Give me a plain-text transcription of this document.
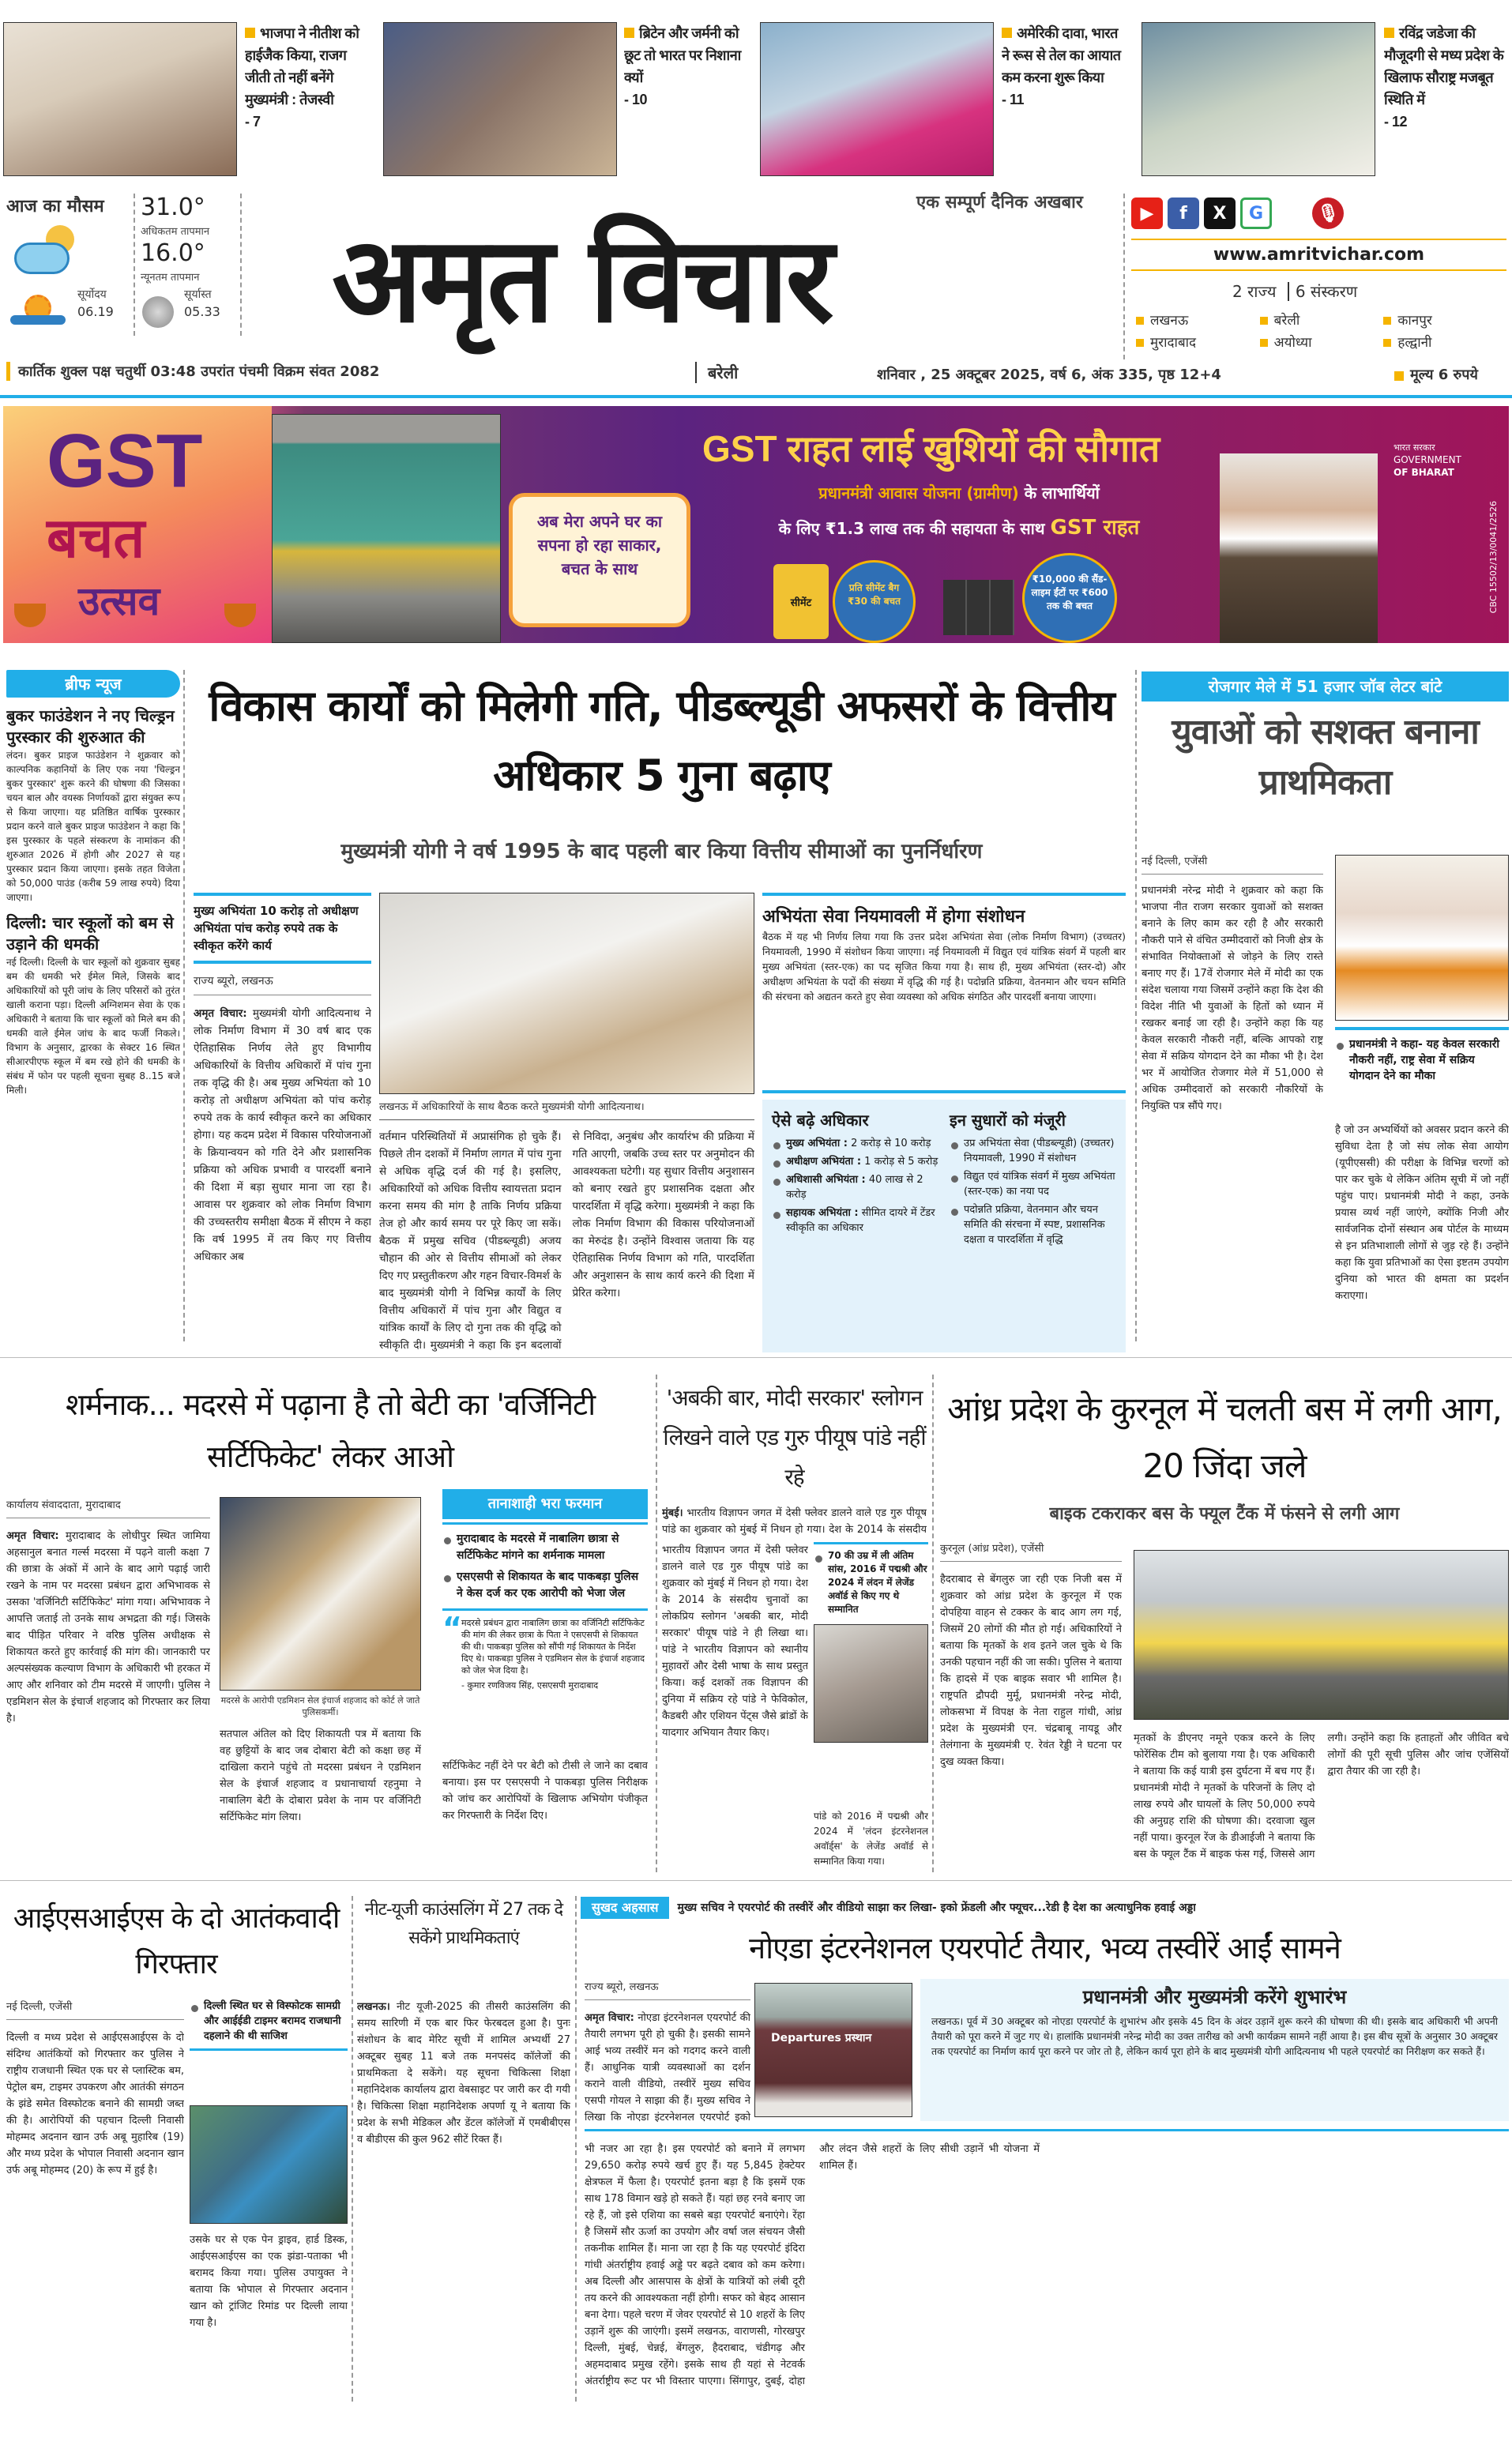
भाजपा ने नीतीश को हाईजैक किया, राजग जीती तो नहीं बनेंगे मुख्यमंत्री : तेजस्वी
- 7
ब्रिटेन और जर्मनी को छूट तो भारत पर निशाना क्यों
- 10
अमेरिकी दावा, भारत ने रूस से तेल का आयात कम करना शुरू किया
- 11
रविंद्र जडेजा की मौजूदगी से मध्य प्रदेश के खिलाफ सौराष्ट्र मजबूत स्थिति में
- 12
आज का मौसम 31.0°
अधिकतम तापमान
16.0°
न्यूनतम तापमान
सूर्योदय
06.19
सूर्यास्त
05.33 अमृत विचार
एक सम्पूर्ण दैनिक अखबार
बरेली
▶ f X G	🎙
www.amritvichar.com
2 राज्य 6 संस्करण
लखनऊ	बरेली	कानपुर
मुरादाबाद	अयोध्या	हल्द्वानी
कार्तिक शुक्ल पक्ष चतुर्थी 03:48 उपरांत पंचमी विक्रम संवत 2082	शनिवार , 25 अक्टूबर 2025, वर्ष 6, अंक 335, पृष्ठ 12+4	मूल्य 6 रुपये
GST
बचत
उत्सव
अब मेरा अपने घर का सपना हो रहा साकार, बचत के साथ
GST राहत लाई खुशियों की सौगात
प्रधानमंत्री आवास योजना (ग्रामीण) के लाभार्थियों
के लिए ₹1.3 लाख तक की सहायता के साथ GST राहत
सीमेंट
प्रति सीमेंट बैग ₹30 की बचत
₹10,000 की सैंड-लाइम ईंटों पर ₹600 तक की बचत
भारत सरकार
GOVERNMENT
OF BHARAT
CBC 15502/13/0041/2526
ब्रीफ न्यूज
बुकर फाउंडेशन ने नए चिल्ड्रन पुरस्कार की शुरुआत की
लंदन। बुकर प्राइज फाउंडेशन ने शुक्रवार को काल्पनिक कहानियों के लिए एक नया 'चिल्ड्रन बुकर पुरस्कार' शुरू करने की घोषणा की जिसका चयन बाल और वयस्क निर्णायकों द्वारा संयुक्त रूप से किया जाएगा। यह प्रतिष्ठित वार्षिक पुरस्कार प्रदान करने वाले बुकर प्राइज फाउंडेशन ने कहा कि इस पुरस्कार के पहले संस्करण के नामांकन की शुरुआत 2026 में होगी और 2027 से यह पुरस्कार प्रदान किया जाएगा। इसके तहत विजेता को 50,000 पाउंड (करीब 59 लाख रुपये) दिया जाएगा।
दिल्ली: चार स्कूलों को बम से उड़ाने की धमकी
नई दिल्ली। दिल्ली के चार स्कूलों को शुक्रवार सुबह बम की धमकी भरे ईमेल मिले, जिसके बाद अधिकारियों को पूरी जांच के लिए परिसरों को तुरंत खाली कराना पड़ा। दिल्ली अग्निशमन सेवा के एक अधिकारी ने बताया कि चार स्कूलों को मिले बम की धमकी वाले ईमेल जांच के बाद फर्जी निकले। विभाग के अनुसार, द्वारका के सेक्टर 16 स्थित सीआरपीएफ स्कूल में बम रखे होने की धमकी के संबंध में फोन पर पहली सूचना सुबह 8..15 बजे मिली।
विकास कार्यों को मिलेगी गति, पीडब्ल्यूडी अफसरों के वित्तीय अधिकार 5 गुना बढ़ाए
मुख्यमंत्री योगी ने वर्ष 1995 के बाद पहली बार किया वित्तीय सीमाओं का पुनर्निर्धारण
मुख्य अभियंता 10 करोड़ तो अधीक्षण अभियंता पांच करोड़ रुपये तक के स्वीकृत करेंगे कार्य
राज्य ब्यूरो, लखनऊ
अमृत विचार: मुख्यमंत्री योगी आदित्यनाथ ने लोक निर्माण विभाग में 30 वर्ष बाद एक ऐतिहासिक निर्णय लेते हुए विभागीय अधिकारियों के वित्तीय अधिकारों में पांच गुना तक वृद्धि की है। अब मुख्य अभियंता को 10 करोड़ तो अधीक्षण अभियंता को पांच करोड़ रुपये तक के कार्य स्वीकृत करने का अधिकार होगा। यह कदम प्रदेश में विकास परियोजनाओं के क्रियान्वयन को गति देने और प्रशासनिक प्रक्रिया को अधिक प्रभावी व पारदर्शी बनाने की दिशा में बड़ा सुधार माना जा रहा है। आवास पर शुक्रवार को लोक निर्माण विभाग की उच्चस्तरीय समीक्षा बैठक में सीएम ने कहा कि वर्ष 1995 में तय किए गए वित्तीय अधिकार अब
लखनऊ में अधिकारियों के साथ बैठक करते मुख्यमंत्री योगी आदित्यनाथ।
वर्तमान परिस्थितियों में अप्रासंगिक हो चुके हैं। पिछले तीन दशकों में निर्माण लागत में पांच गुना से अधिक वृद्धि दर्ज की गई है। इसलिए, अधिकारियों को अधिक वित्तीय स्वायत्तता प्रदान करना समय की मांग है ताकि निर्णय प्रक्रिया तेज हो और कार्य समय पर पूरे किए जा सकें। बैठक में प्रमुख सचिव (पीडब्ल्यूडी) अजय चौहान की ओर से वित्तीय सीमाओं को लेकर दिए गए प्रस्तुतीकरण और गहन विचार-विमर्श के बाद मुख्यमंत्री योगी ने विभिन्न कार्यों के लिए वित्तीय अधिकारों में पांच गुना और विद्युत व यांत्रिक कार्यों के लिए दो गुना तक की वृद्धि को स्वीकृति दी। मुख्यमंत्री ने कहा कि इन बदलावों से निविदा, अनुबंध और कार्यारंभ की प्रक्रिया में गति आएगी, जबकि उच्च स्तर पर अनुमोदन की आवश्यकता घटेगी। यह सुधार वित्तीय अनुशासन को बनाए रखते हुए प्रशासनिक दक्षता और पारदर्शिता में वृद्धि करेगा। मुख्यमंत्री ने कहा कि लोक निर्माण विभाग की विकास परियोजनाओं का मेरुदंड है। उन्होंने विश्वास जताया कि यह ऐतिहासिक निर्णय विभाग को गति, पारदर्शिता और अनुशासन के साथ कार्य करने की दिशा में प्रेरित करेगा।
अभियंता सेवा नियमावली में होगा संशोधन
बैठक में यह भी निर्णय लिया गया कि उत्तर प्रदेश अभियंता सेवा (लोक निर्माण विभाग) (उच्चतर) नियमावली, 1990 में संशोधन किया जाएगा। नई नियमावली में विद्युत एवं यांत्रिक संवर्ग में पहली बार मुख्य अभियंता (स्तर-एक) का पद सृजित किया गया है। साथ ही, मुख्य अभियंता (स्तर-दो) और अधीक्षण अभियंता के पदों की संख्या में वृद्धि की गई है। पदोन्नति प्रक्रिया, वेतनमान और चयन समिति की संरचना को अद्यतन करते हुए सेवा व्यवस्था को अधिक संगठित और पारदर्शी बनाया जाएगा।
ऐसे बढ़े अधिकार
मुख्य अभियंता : 2 करोड़ से 10 करोड़
अधीक्षण अभियंता : 1 करोड़ से 5 करोड़
अधिशासी अभियंता : 40 लाख से 2 करोड़
सहायक अभियंता : सीमित दायरे में टेंडर स्वीकृति का अधिकार
इन सुधारों को मंजूरी
उप्र अभियंता सेवा (पीडब्ल्यूडी) (उच्चतर) नियमावली, 1990 में संशोधन
विद्युत एवं यांत्रिक संवर्ग में मुख्य अभियंता (स्तर-एक) का नया पद
पदोन्नति प्रक्रिया, वेतनमान और चयन समिति की संरचना में स्पष्ट, प्रशासनिक दक्षता व पारदर्शिता में वृद्धि
रोजगार मेले में 51 हजार जॉब लेटर बांटे
युवाओं को सशक्त बनाना प्राथमिकता
नई दिल्ली, एजेंसी
प्रधानमंत्री नरेन्द्र मोदी ने शुक्रवार को कहा कि भाजपा नीत राजग सरकार युवाओं को सशक्त बनाने के लिए काम कर रही है और सरकारी नौकरी पाने से वंचित उम्मीदवारों को निजी क्षेत्र के संभावित नियोक्ताओं से जोड़ने के लिए रास्ते बनाए गए हैं। 17वें रोजगार मेले में मोदी का एक संदेश चलाया गया जिसमें उन्होंने कहा कि देश की विदेश नीति भी युवाओं के हितों को ध्यान में रखकर बनाई जा रही है। उन्होंने कहा कि यह केवल सरकारी नौकरी नहीं, बल्कि आपको राष्ट्र सेवा में सक्रिय योगदान देने का मौका भी है। देश भर में आयोजित रोजगार मेले में 51,000 से अधिक उम्मीदवारों को सरकारी नौकरियों के नियुक्ति पत्र सौंपे गए।
प्रधानमंत्री ने कहा- यह केवल सरकारी नौकरी नहीं, राष्ट्र सेवा में सक्रिय योगदान देने का मौका
है जो उन अभ्यर्थियों को अवसर प्रदान करने की सुविधा देता है जो संघ लोक सेवा आयोग (यूपीएससी) की परीक्षा के विभिन्न चरणों को पार कर चुके थे लेकिन अंतिम सूची में जो नहीं पहुंच पाए। प्रधानमंत्री मोदी ने कहा, उनके प्रयास व्यर्थ नहीं जाएंगे, क्योंकि निजी और सार्वजनिक दोनों संस्थान अब पोर्टल के माध्यम से इन प्रतिभाशाली लोगों से जुड़ रहे हैं। उन्होंने कहा कि युवा प्रतिभाओं का ऐसा इष्टतम उपयोग दुनिया को भारत की क्षमता का प्रदर्शन कराएगा।
शर्मनाक... मदरसे में पढ़ाना है तो बेटी का 'वर्जिनिटी सर्टिफिकेट' लेकर आओ
कार्यालय संवाददाता, मुरादाबाद
अमृत विचार: मुरादाबाद के लोधीपुर स्थित जामिया अहसानुल बनात गर्ल्स मदरसा में पढ़ने वाली कक्षा 7 की छात्रा के अंकों में आने के बाद आगे पढ़ाई जारी रखने के नाम पर मदरसा प्रबंधन द्वारा अभिभावक से उसका 'वर्जिनिटी सर्टिफिकेट' मांगा गया। अभिभावक ने आपत्ति जताई तो उनके साथ अभद्रता की गई। जिसके बाद पीड़ित परिवार ने वरिष्ठ पुलिस अधीक्षक से शिकायत करते हुए कार्रवाई की मांग की। जानकारी पर अल्पसंख्यक कल्याण विभाग के अधिकारी भी हरकत में आए और शनिवार को टीम मदरसे में जाएगी। पुलिस ने एडमिशन सेल के इंचार्ज शहजाद को गिरफ्तार कर लिया है।
मदरसे के आरोपी एडमिशन सेल इंचार्ज शहजाद को कोर्ट ले जाते पुलिसकर्मी।
सतपाल अंतिल को दिए शिकायती पत्र में बताया कि वह छुट्टियों के बाद जब दोबारा बेटी को कक्षा छह में दाखिला कराने पहुंचे तो मदरसा प्रबंधन ने एडमिशन सेल के इंचार्ज शहजाद व प्रधानाचार्या रहनुमा ने नाबालिग बेटी के दोबारा प्रवेश के नाम पर वर्जिनिटी सर्टिफिकेट मांग लिया।
तानाशाही भरा फरमान
मुरादाबाद के मदरसे में नाबालिग छात्रा से सर्टिफिकेट मांगने का शर्मनाक मामला
एसएसपी से शिकायत के बाद पाकबड़ा पुलिस ने केस दर्ज कर एक आरोपी को भेजा जेल
“ मदरसे प्रबंधन द्वारा नाबालिग छात्रा का वर्जिनिटी सर्टिफिकेट की मांग की लेकर छात्रा के पिता ने एसएसपी से शिकायत की थी। पाकबड़ा पुलिस को सौंपी गई शिकायत के निर्देश दिए थे। पाकबड़ा पुलिस ने एडमिशन सेल के इंचार्ज शहजाद को जेल भेज दिया है।
- कुमार रणविजय सिंह, एसएसपी मुरादाबाद
सर्टिफिकेट नहीं देने पर बेटी को टीसी ले जाने का दबाव बनाया। इस पर एसएसपी ने पाकबड़ा पुलिस निरीक्षक को जांच कर आरोपियों के खिलाफ अभियोग पंजीकृत कर गिरफ्तारी के निर्देश दिए।
'अबकी बार, मोदी सरकार' स्लोगन लिखने वाले एड गुरु पीयूष पांडे नहीं रहे
मुंबई। भारतीय विज्ञापन जगत में देसी फ्लेवर डालने वाले एड गुरु पीयूष पांडे का शुक्रवार को मुंबई में निधन हो गया। देश के 2014 के संसदीय
70 की उम्र में ली अंतिम सांस, 2016 में पद्मश्री और 2024 में लंदन में लेजेंड अवॉर्ड से किए गए थे सम्मानित
भारतीय विज्ञापन जगत में देसी फ्लेवर डालने वाले एड गुरु पीयूष पांडे का शुक्रवार को मुंबई में निधन हो गया। देश के 2014 के संसदीय चुनावों का लोकप्रिय स्लोगन 'अबकी बार, मोदी सरकार' पीयूष पांडे ने ही लिखा था। पांडे ने भारतीय विज्ञापन को स्थानीय मुहावरों और देसी भाषा के साथ प्रस्तुत किया। कई दशकों तक विज्ञापन की दुनिया में सक्रिय रहे पांडे ने फेविकोल, कैडबरी और एशियन पेंट्स जैसे ब्रांडों के यादगार अभियान तैयार किए।
पांडे को 2016 में पद्मश्री और 2024 में 'लंदन इंटरनेशनल अवॉर्ड्स' के लेजेंड अवॉर्ड से सम्मानित किया गया।
आंध्र प्रदेश के कुरनूल में चलती बस में लगी आग, 20 जिंदा जले
बाइक टकराकर बस के फ्यूल टैंक में फंसने से लगी आग
कुरनूल (आंध्र प्रदेश), एजेंसी
हैदराबाद से बेंगलुरु जा रही एक निजी बस में शुक्रवार को आंध्र प्रदेश के कुरनूल में एक दोपहिया वाहन से टक्कर के बाद आग लग गई, जिसमें 20 लोगों की मौत हो गई। अधिकारियों ने बताया कि मृतकों के शव इतने जल चुके थे कि उनकी पहचान नहीं की जा सकी। पुलिस ने बताया कि हादसे में एक बाइक सवार भी शामिल है। राष्ट्रपति द्रौपदी मुर्मू, प्रधानमंत्री नरेन्द्र मोदी, लोकसभा में विपक्ष के नेता राहुल गांधी, आंध्र प्रदेश के मुख्यमंत्री एन. चंद्रबाबू नायडू और तेलंगाना के मुख्यमंत्री ए. रेवंत रेड्डी ने घटना पर दुख व्यक्त किया।
मृतकों के डीएनए नमूने एकत्र करने के लिए फोरेंसिक टीम को बुलाया गया है। एक अधिकारी ने बताया कि कई यात्री इस दुर्घटना में बच गए हैं। प्रधानमंत्री मोदी ने मृतकों के परिजनों के लिए दो लाख रुपये और घायलों के लिए 50,000 रुपये की अनुग्रह राशि की घोषणा की। दरवाजा खुल नहीं पाया। कुरनूल रेंज के डीआईजी ने बताया कि बस के फ्यूल टैंक में बाइक फंस गई, जिससे आग लगी। उन्होंने कहा कि हताहतों और जीवित बचे लोगों की पूरी सूची पुलिस और जांच एजेंसियों द्वारा तैयार की जा रही है।
आईएसआईएस के दो आतंकवादी गिरफ्तार
नई दिल्ली, एजेंसी
दिल्ली व मध्य प्रदेश से आईएसआईएस के दो संदिग्ध आतंकियों को गिरफ्तार कर पुलिस ने राष्ट्रीय राजधानी स्थित एक घर से प्लास्टिक बम, पेट्रोल बम, टाइमर उपकरण और आतंकी संगठन के झंडे समेत विस्फोटक बनाने की सामग्री जब्त की है। आरोपियों की पहचान दिल्ली निवासी मोहम्मद अदनान खान उर्फ अबू मुहारिब (19) और मध्य प्रदेश के भोपाल निवासी अदनान खान उर्फ अबू मोहम्मद (20) के रूप में हुई है।
दिल्ली स्थित घर से विस्फोटक सामग्री और आईईडी टाइमर बरामद राजधानी दहलाने की थी साजिश
उसके घर से एक पेन ड्राइव, हार्ड डिस्क, आईएसआईएस का एक झंडा-पताका भी बरामद किया गया। पुलिस उपायुक्त ने बताया कि भोपाल से गिरफ्तार अदनान खान को ट्रांजिट रिमांड पर दिल्ली लाया गया है।
नीट-यूजी काउंसलिंग में 27 तक दे सकेंगे प्राथमिकताएं
लखनऊ। नीट यूजी-2025 की तीसरी काउंसलिंग की समय सारिणी में एक बार फिर फेरबदल हुआ है। पुनः संशोधन के बाद मेरिट सूची में शामिल अभ्यर्थी 27 अक्टूबर सुबह 11 बजे तक मनपसंद कॉलेजों की प्राथमिकता दे सकेंगे। यह सूचना चिकित्सा शिक्षा महानिदेशक कार्यालय द्वारा वेबसाइट पर जारी कर दी गयी है। चिकित्सा शिक्षा महानिदेशक अपर्णा यू ने बताया कि प्रदेश के सभी मेडिकल और डेंटल कॉलेजों में एमबीबीएस व बीडीएस की कुल 962 सीटें रिक्त हैं।
सुखद अहसास	मुख्य सचिव ने एयरपोर्ट की तस्वीरें और वीडियो साझा कर लिखा- इको फ्रेंडली और फ्यूचर...रेडी है देश का अत्याधुनिक हवाई अड्डा
नोएडा इंटरनेशनल एयरपोर्ट तैयार, भव्य तस्वीरें आईं सामने
राज्य ब्यूरो, लखनऊ
अमृत विचार: नोएडा इंटरनेशनल एयरपोर्ट की तैयारी लगभग पूरी हो चुकी है। इसकी सामने आई भव्य तस्वीरें मन को गदगद करने वाली हैं। आधुनिक यात्री व्यवस्थाओं का दर्शन कराने वाली वीडियो, तस्वीरें मुख्य सचिव एसपी गोयल ने साझा की हैं। मुख्य सचिव ने लिखा कि नोएडा इंटरनेशनल एयरपोर्ट इको
Departures प्रस्थान
प्रधानमंत्री और मुख्यमंत्री करेंगे शुभारंभ
लखनऊ। पूर्व में 30 अक्टूबर को नोएडा एयरपोर्ट के शुभारंभ और इसके 45 दिन के अंदर उड़ानें शुरू करने की घोषणा की थी। इसके बाद अधिकारी भी अपनी तैयारी को पूरा करने में जुट गए थे। हालांकि प्रधानमंत्री नरेन्द्र मोदी का उक्त तारीख को अभी कार्यक्रम सामने नहीं आया है। इस बीच सूत्रों के अनुसार 30 अक्टूबर तक एयरपोर्ट का निर्माण कार्य पूरा करने पर जोर तो है, लेकिन कार्य पूरा होने के बाद मुख्यमंत्री योगी आदित्यनाथ भी पहले एयरपोर्ट का निरीक्षण कर सकते हैं।
भी नजर आ रहा है। इस एयरपोर्ट को बनाने में लगभग 29,650 करोड़ रुपये खर्च हुए हैं। यह 5,845 हेक्टेयर क्षेत्रफल में फैला है। एयरपोर्ट इतना बड़ा है कि इसमें एक साथ 178 विमान खड़े हो सकते हैं। यहां छह रनवे बनाए जा रहे हैं, जो इसे एशिया का सबसे बड़ा एयरपोर्ट बनाएंगे। रेंहा है जिसमें सौर ऊर्जा का उपयोग और वर्षा जल संचयन जैसी तकनीक शामिल हैं। माना जा रहा है कि यह एयरपोर्ट इंदिरा गांधी अंतर्राष्ट्रीय हवाई अड्डे पर बढ़ते दबाव को कम करेगा। अब दिल्ली और आसपास के क्षेत्रों के यात्रियों को लंबी दूरी तय करने की आवश्यकता नहीं होगी। सफर को बेहद आसान बना देगा। पहले चरण में जेवर एयरपोर्ट से 10 शहरों के लिए उड़ानें शुरू की जाएंगी। इसमें लखनऊ, वाराणसी, गोरखपुर दिल्ली, मुंबई, चेन्नई, बेंगलुरु, हैदराबाद, चंडीगढ़ और अहमदाबाद प्रमुख रहेंगे। इसके साथ ही यहां से नेटवर्क अंतर्राष्ट्रीय रूट पर भी विस्तार पाएगा। सिंगापुर, दुबई, दोहा और लंदन जैसे शहरों के लिए सीधी उड़ानें भी योजना में शामिल हैं।
